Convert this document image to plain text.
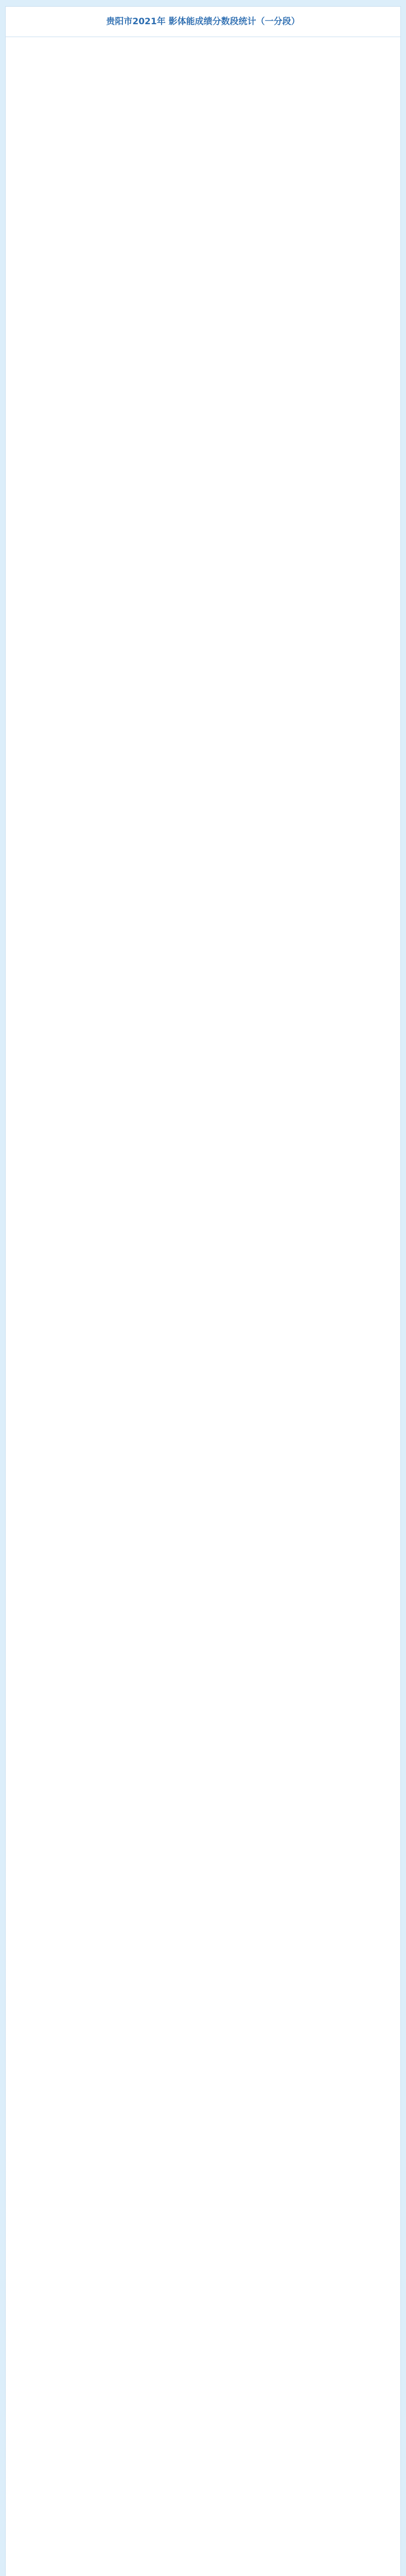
贵阳市2021年 影体能成绩分数段统计（一分段）
